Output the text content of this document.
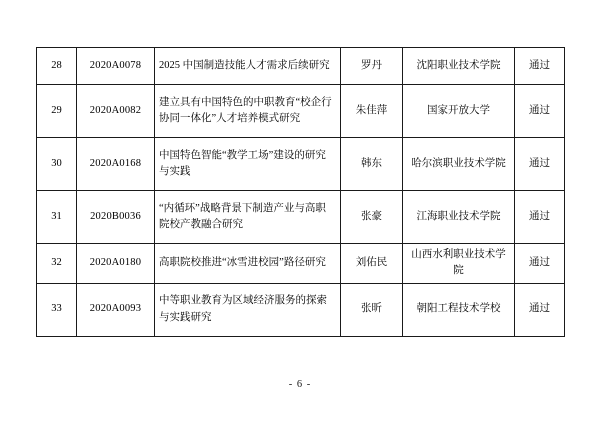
28	2020A0078	2025 中国制造技能人才需求后续研究	罗丹	沈阳职业技术学院	通过
29	2020A0082	建立具有中国特色的中职教育“校企行协同一体化”人才培养模式研究	朱佳萍	国家开放大学	通过
30	2020A0168	中国特色智能“教学工场”建设的研究与实践	韩东	哈尔滨职业技术学院	通过
31	2020B0036	“内循环”战略背景下制造产业与高职院校产教融合研究	张豪	江海职业技术学院	通过
32	2020A0180	高职院校推进“冰雪进校园”路径研究	刘佑民	山西水利职业技术学院	通过
33	2020A0093	中等职业教育为区域经济服务的探索与实践研究	张昕	朝阳工程技术学校	通过
- 6 -
